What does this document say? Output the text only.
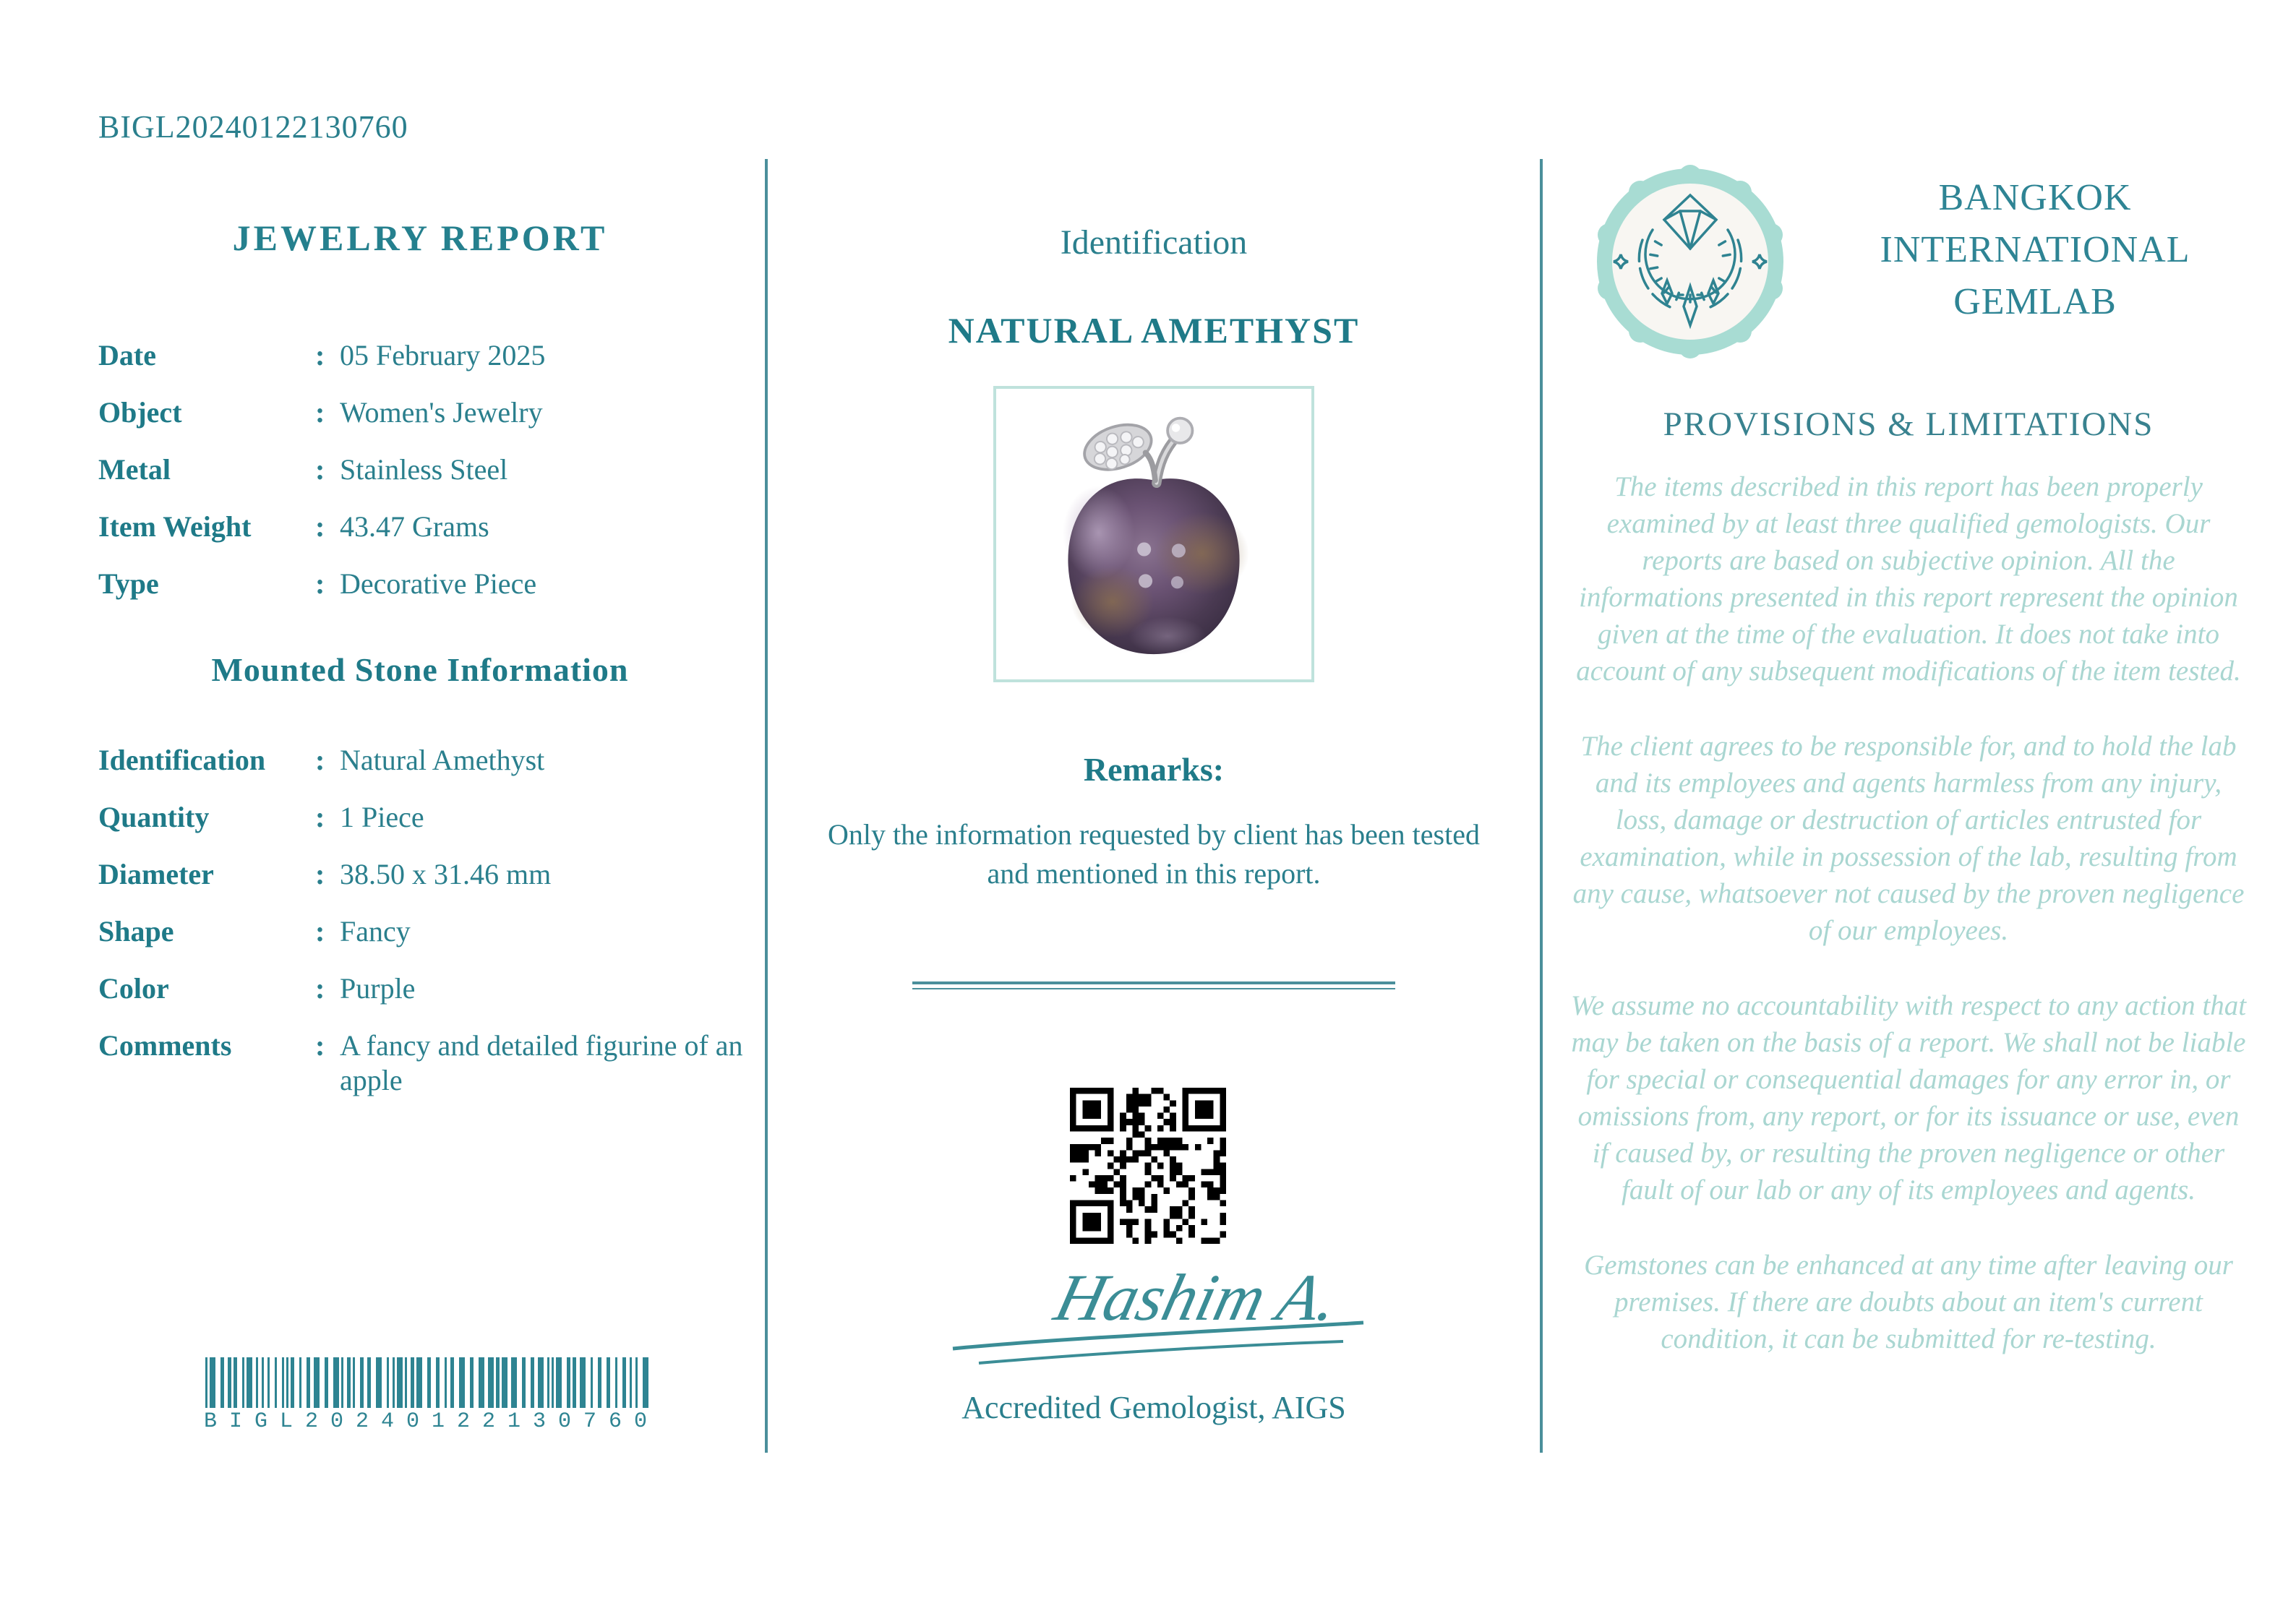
BIGL20240122130760
JEWELRY REPORT
Date	: 05 February 2025
Object	: Women's Jewelry
Metal	: Stainless Steel
Item Weight	: 43.47 Grams
Type	: Decorative Piece
Mounted Stone Information
Identification	: Natural Amethyst
Quantity	: 1 Piece
Diameter	: 38.50 x 31.46 mm
Shape	: Fancy
Color	: Purple
Comments	: A fancy and detailed figurine of an apple
BIGL20240122130760
Identification
NATURAL AMETHYST
Remarks:
Only the information requested by client has been tested and mentioned in this report.
Hashim A.
Accredited Gemologist, AIGS
BANGKOK
INTERNATIONAL
GEMLAB
PROVISIONS & LIMITATIONS

The items described in this report has been properly examined by at least three qualified gemologists. Our reports are based on subjective opinion. All the informations presented in this report represent the opinion given at the time of the evaluation. It does not take into account of any subsequent modifications of the item tested.

The client agrees to be responsible for, and to hold the lab and its employees and agents harmless from any injury, loss, damage or destruction of articles entrusted for examination, while in possession of the lab, resulting from any cause, whatsoever not caused by the proven negligence of our employees.

We assume no accountability with respect to any action that may be taken on the basis of a report. We shall not be liable for special or consequential damages for any error in, or omissions from, any report, or for its issuance or use, even if caused by, or resulting the proven negligence or other fault of our lab or any of its employees and agents.

Gemstones can be enhanced at any time after leaving our premises. If there are doubts about an item's current condition, it can be submitted for re-testing.
